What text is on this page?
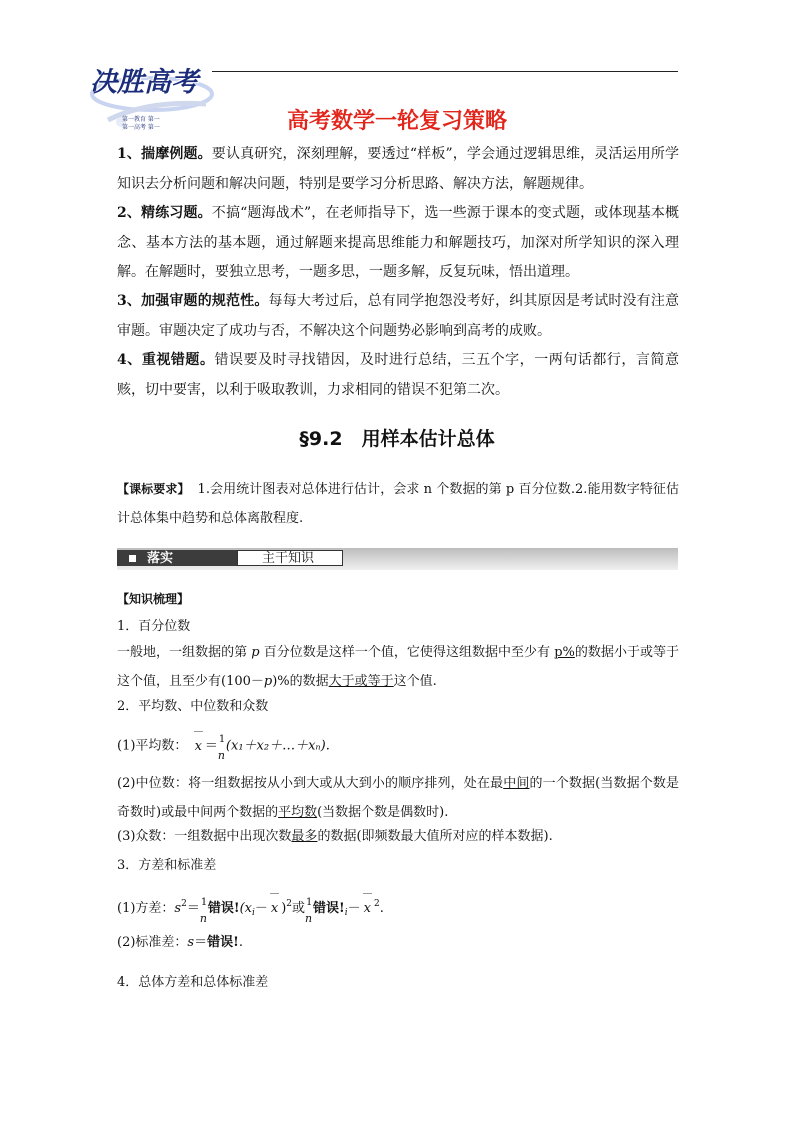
决胜高考
第一教育 第一
第一高考 第一	高考数学一轮复习策略
1、揣摩例题。要认真研究，深刻理解，要透过“样板”，学会通过逻辑思维，灵活运用所学知识去分析问题和解决问题，特别是要学习分析思路、解决方法，解题规律。
2、精练习题。不搞“题海战术”，在老师指导下，选一些源于课本的变式题，或体现基本概念、基本方法的基本题，通过解题来提高思维能力和解题技巧，加深对所学知识的深入理解。在解题时，要独立思考，一题多思，一题多解，反复玩味，悟出道理。
3、加强审题的规范性。每每大考过后，总有同学抱怨没考好，纠其原因是考试时没有注意审题。审题决定了成功与否，不解决这个问题势必影响到高考的成败。
4、重视错题。错误要及时寻找错因，及时进行总结，三五个字，一两句话都行，言简意赅，切中要害，以利于吸取教训，力求相同的错误不犯第二次。
§9.2　用样本估计总体
【课标要求】 1.会用统计图表对总体进行估计，会求 n 个数据的第 p 百分位数.2.能用数字特征估计总体集中趋势和总体离散程度.
落实	主干知识
【知识梳理】
1．百分位数
一般地，一组数据的第 p 百分位数是这样一个值，它使得这组数据中至少有 p%的数据小于或等于这个值，且至少有(100－p)%的数据大于或等于这个值.
2．平均数、中位数和众数
(1)平均数： x ＝ 1
n
(x₁＋x₂＋…＋xₙ).
(2)中位数：将一组数据按从小到大或从大到小的顺序排列，处在最中间的一个数据(当数据个数是奇数时)或最中间两个数据的平均数(当数据个数是偶数时).
(3)众数：一组数据中出现次数最多的数据(即频数最大值所对应的样本数据).
3．方差和标准差
(1)方差：$s^2= 1$
n
错误$!(x_i- x$ )$^2$或 1
n
错误$!_i- x$ $^2$.
(2)标准差：s＝错误!.
4．总体方差和总体标准差
